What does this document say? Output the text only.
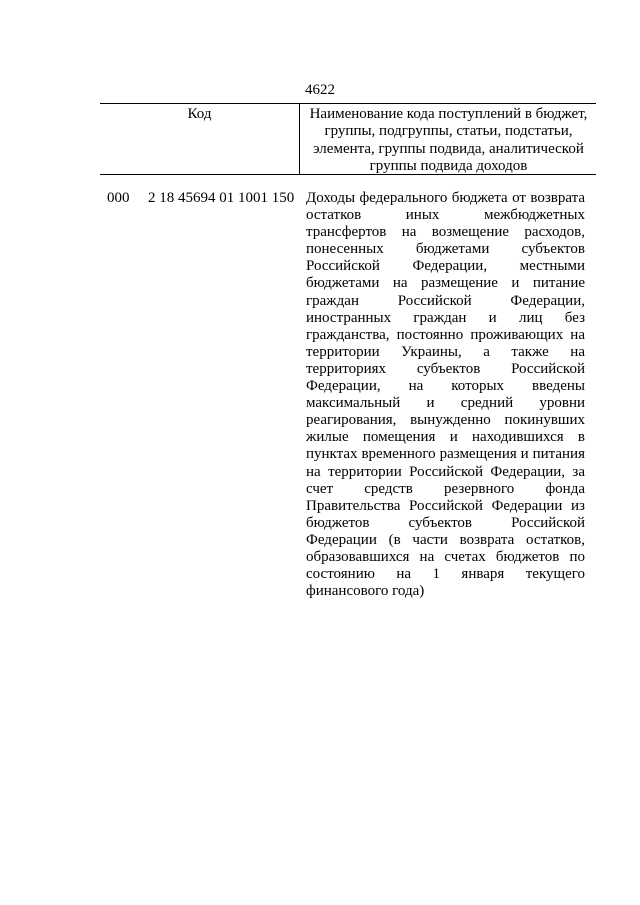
4622
Код	Наименование кода поступлений в бюджет, группы, подгруппы, статьи, подстатьи, элемента, группы подвида, аналитической группы подвида доходов
000 2 18 45694 01 1001 150 Доходы федерального бюджета от возврата остатков иных межбюджетных трансфертов на возмещение расходов, понесенных бюджетами субъектов Российской Федерации, местными бюджетами на размещение и питание граждан Российской Федерации, иностранных граждан и лиц без гражданства, постоянно проживающих на территории Украины, а также на территориях субъектов Российской Федерации, на которых введены максимальный и средний уровни реагирования, вынужденно покинувших жилые помещения и находившихся в пунктах временного размещения и питания на территории Российской Федерации, за счет средств резервного фонда Правительства Российской Федерации из бюджетов субъектов Российской Федерации (в части возврата остатков, образовавшихся на счетах бюджетов по состоянию на 1 января текущего финансового года)
